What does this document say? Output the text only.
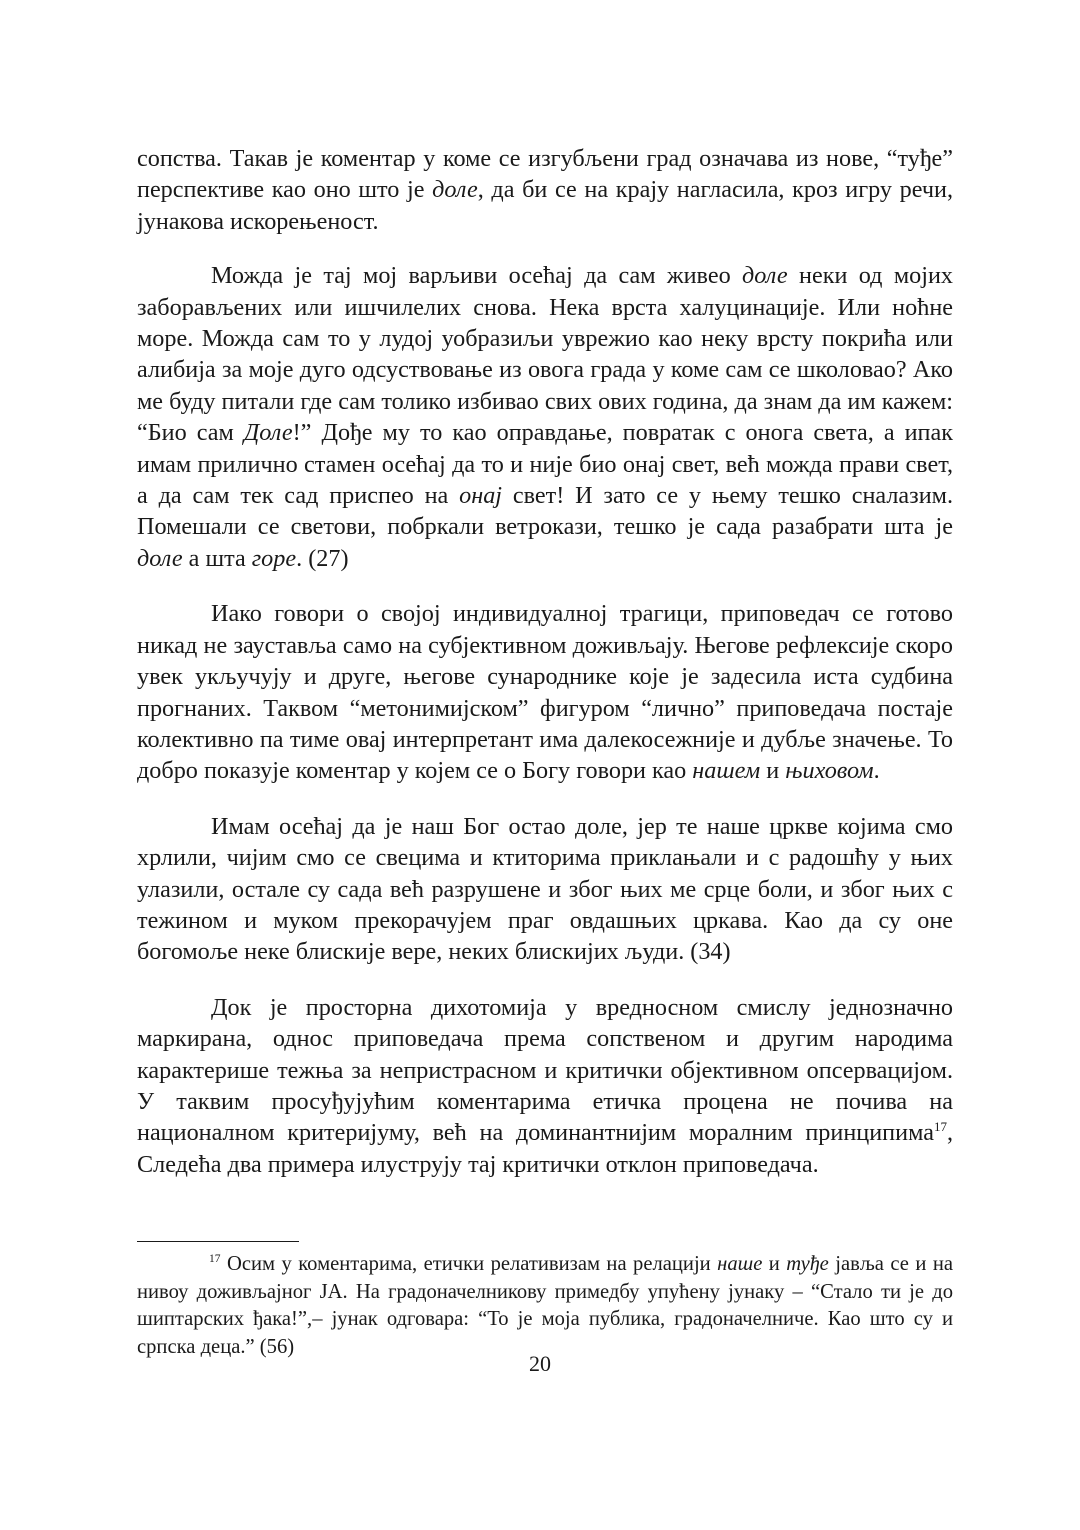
сопства. Такав је коментар у коме се изгубљени град означава из нове, “туђе” перспективе као оно што је доле, да би се на крају нагласила, кроз игру речи, јунакова искорењеност.

Можда је тај мој варљиви осећај да сам живео доле неки од мојих заборављених или ишчилелих снова. Нека врста халуцинације. Или ноћне море. Можда сам то у лудој уобразиљи уврежио као неку врсту покрића или алибија за моје дуго одсуствовање из овога града у коме сам се школовао? Ако ме буду питали где сам толико избивао свих ових година, да знам да им кажем: “Био сам Доле!” Дође му то као оправдање, повратак с онога света, а ипак имам прилично стамен осећај да то и није био онај свет, већ можда прави свет, а да сам тек сад приспео на онај свет! И зато се у њему тешко сналазим. Помешали се светови, побркали ветрокази, тешко је сада разабрати шта је доле а шта горе. (27)

Иако говори о својој индивидуалној трагици, приповедач се готово никад не зауставља само на субјективном доживљају. Његове рефлексије скоро увек укључују и друге, његове сународнике које је задесила иста судбина прогнаних. Таквом “метонимијском” фигуром “лично” приповедача постаје колективно па тиме овај интерпретант има далекосежније и дубље значење. То добро показује коментар у којем се о Богу говори као нашем и њиховом.

Имам осећај да је наш Бог остао доле, јер те наше цркве којима смо хрлили, чијим смо се свецима и ктиторима приклањали и с радошћу у њих улазили, остале су сада већ разрушене и због њих ме срце боли, и због њих с тежином и муком прекорачујем праг овдашњих цркава. Као да су оне богомоље неке блискије вере, неких блискијих људи. (34)

Док је просторна дихотомија у вредносном смислу једнозначно маркирана, однос приповедача према сопственом и другим народима карактерише тежња за непристрасном и критички објективном опсервацијом. У таквим просуђујућим коментарима етичка процена не почива на националном критеријуму, већ на доминантнијим моралним принципима$^{17}$, Следећа два примера илуструју тај критички отклон приповедача.

$^{17}$ Осим у коментарима, етички релативизам на релацији наше и туђе јавља се и на нивоу доживљајног ЈА. На градоначелникову примедбу упућену јунаку – “Стало ти је до шиптарских ђака!”,– јунак одговара: “То је моја публика, градоначелниче. Као што су и српска деца.” (56)

20
